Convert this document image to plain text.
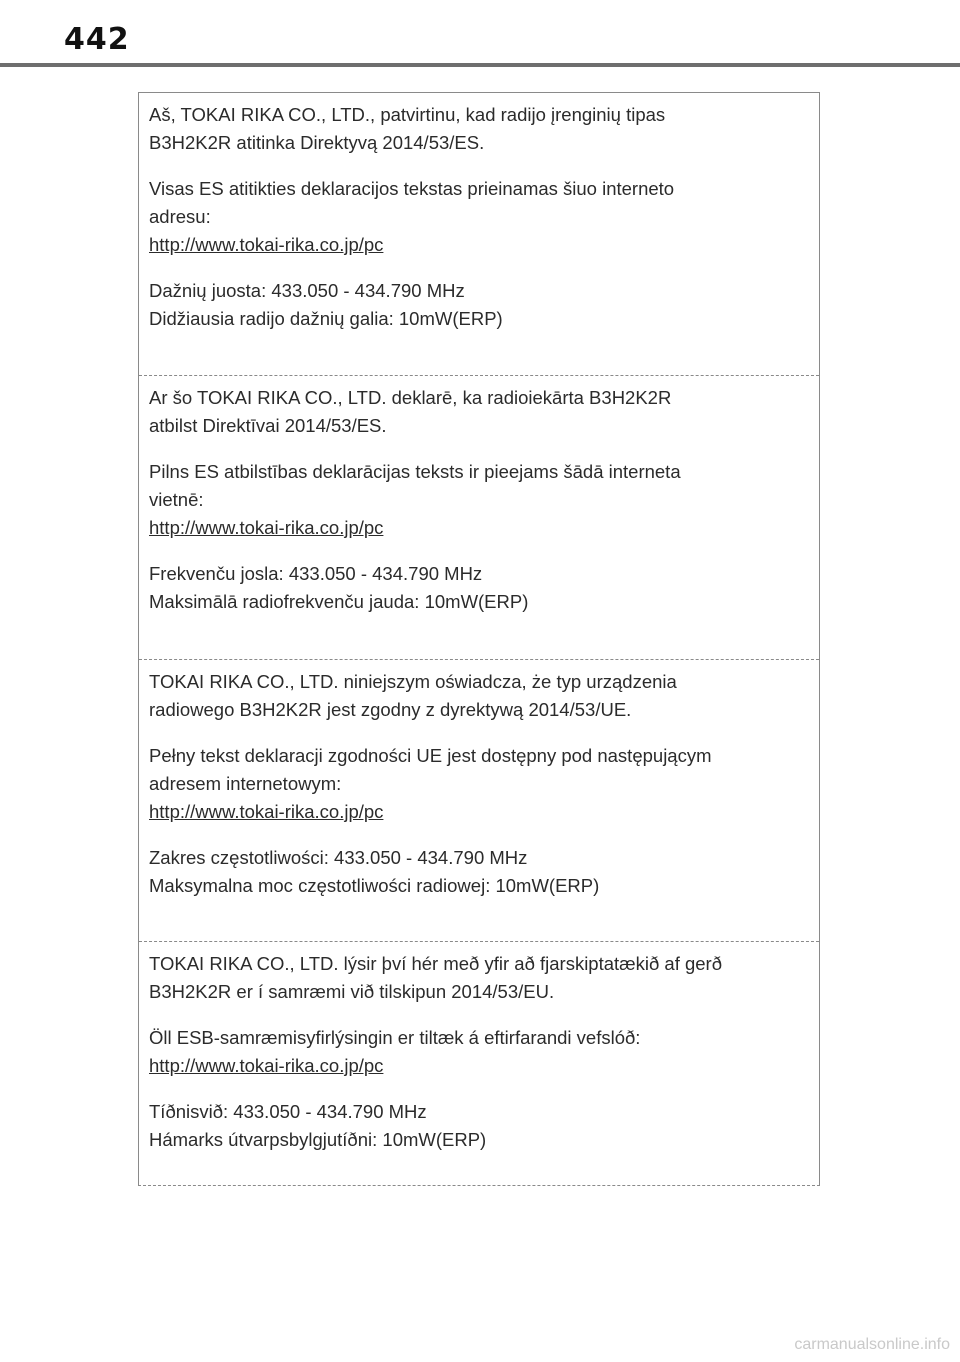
442

Aš, TOKAI RIKA CO., LTD., patvirtinu, kad radijo įrenginių tipas

B3H2K2R atitinka Direktyvą 2014/53/ES.

Visas ES atitikties deklaracijos tekstas prieinamas šiuo interneto

adresu:

http://www.tokai-rika.co.jp/pc

Dažnių juosta: 433.050 - 434.790 MHz

Didžiausia radijo dažnių galia: 10mW(ERP)

Ar šo TOKAI RIKA CO., LTD. deklarē, ka radioiekārta B3H2K2R

atbilst Direktīvai 2014/53/ES.

Pilns ES atbilstības deklarācijas teksts ir pieejams šādā interneta

vietnē:

http://www.tokai-rika.co.jp/pc

Frekvenču josla: 433.050 - 434.790 MHz

Maksimālā radiofrekvenču jauda: 10mW(ERP)

TOKAI RIKA CO., LTD. niniejszym oświadcza, że typ urządzenia

radiowego B3H2K2R jest zgodny z dyrektywą 2014/53/UE.

Pełny tekst deklaracji zgodności UE jest dostępny pod następującym

adresem internetowym:

http://www.tokai-rika.co.jp/pc

Zakres częstotliwości: 433.050 - 434.790 MHz

Maksymalna moc częstotliwości radiowej: 10mW(ERP)

TOKAI RIKA CO., LTD. lýsir því hér með yfir að fjarskiptatækið af gerð

B3H2K2R er í samræmi við tilskipun 2014/53/EU.

Öll ESB-samræmisyfirlýsingin er tiltæk á eftirfarandi vefslóð:

http://www.tokai-rika.co.jp/pc

Tíðnisvið: 433.050 - 434.790 MHz

Hámarks útvarpsbylgjutíðni: 10mW(ERP)

carmanualsonline.info
